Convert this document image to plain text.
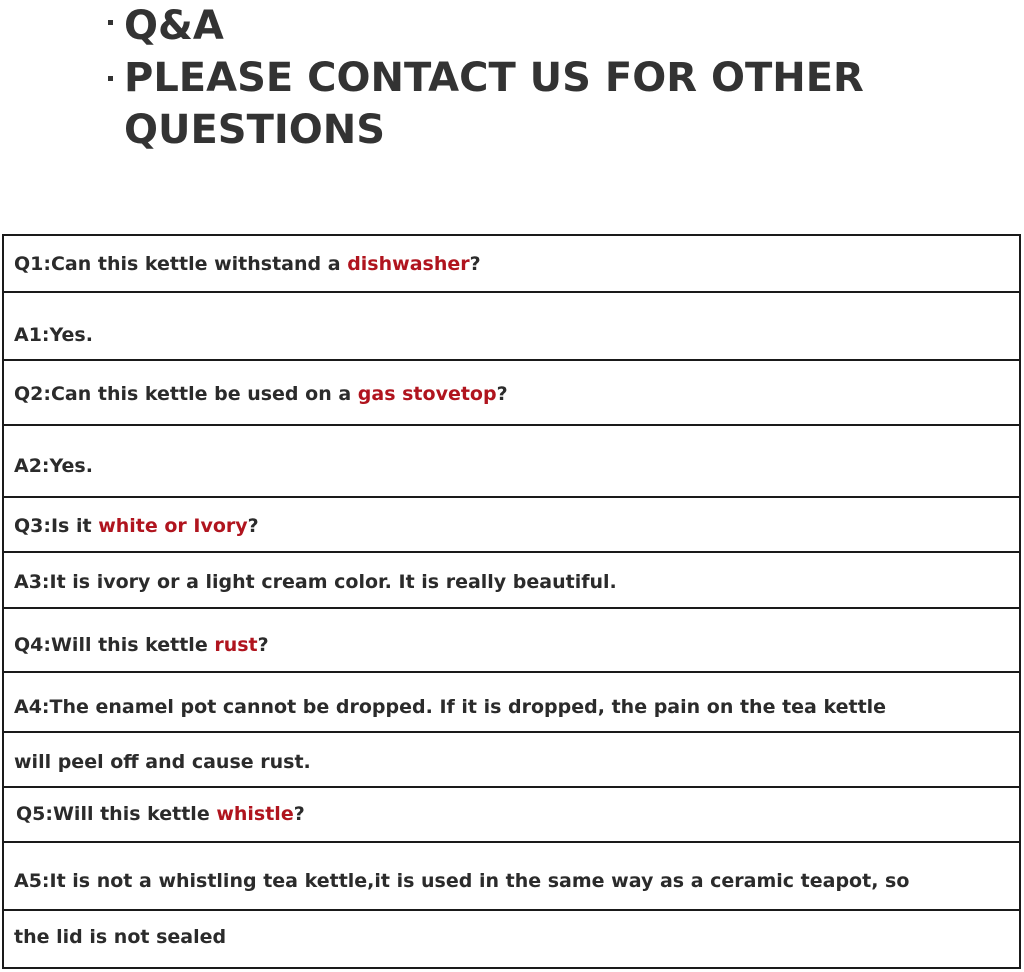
Q&A
PLEASE CONTACT US FOR OTHER
QUESTIONS
Q1:Can this kettle withstand a dishwasher?
A1:Yes.
Q2:Can this kettle be used on a gas stovetop?
A2:Yes.
Q3:Is it white or Ivory?
A3:It is ivory or a light cream color. It is really beautiful.
Q4:Will this kettle rust?
A4:The enamel pot cannot be dropped. If it is dropped, the pain on the tea kettle
will peel off and cause rust.
Q5:Will this kettle whistle?
A5:It is not a whistling tea kettle,it is used in the same way as a ceramic teapot, so
the lid is not sealed
